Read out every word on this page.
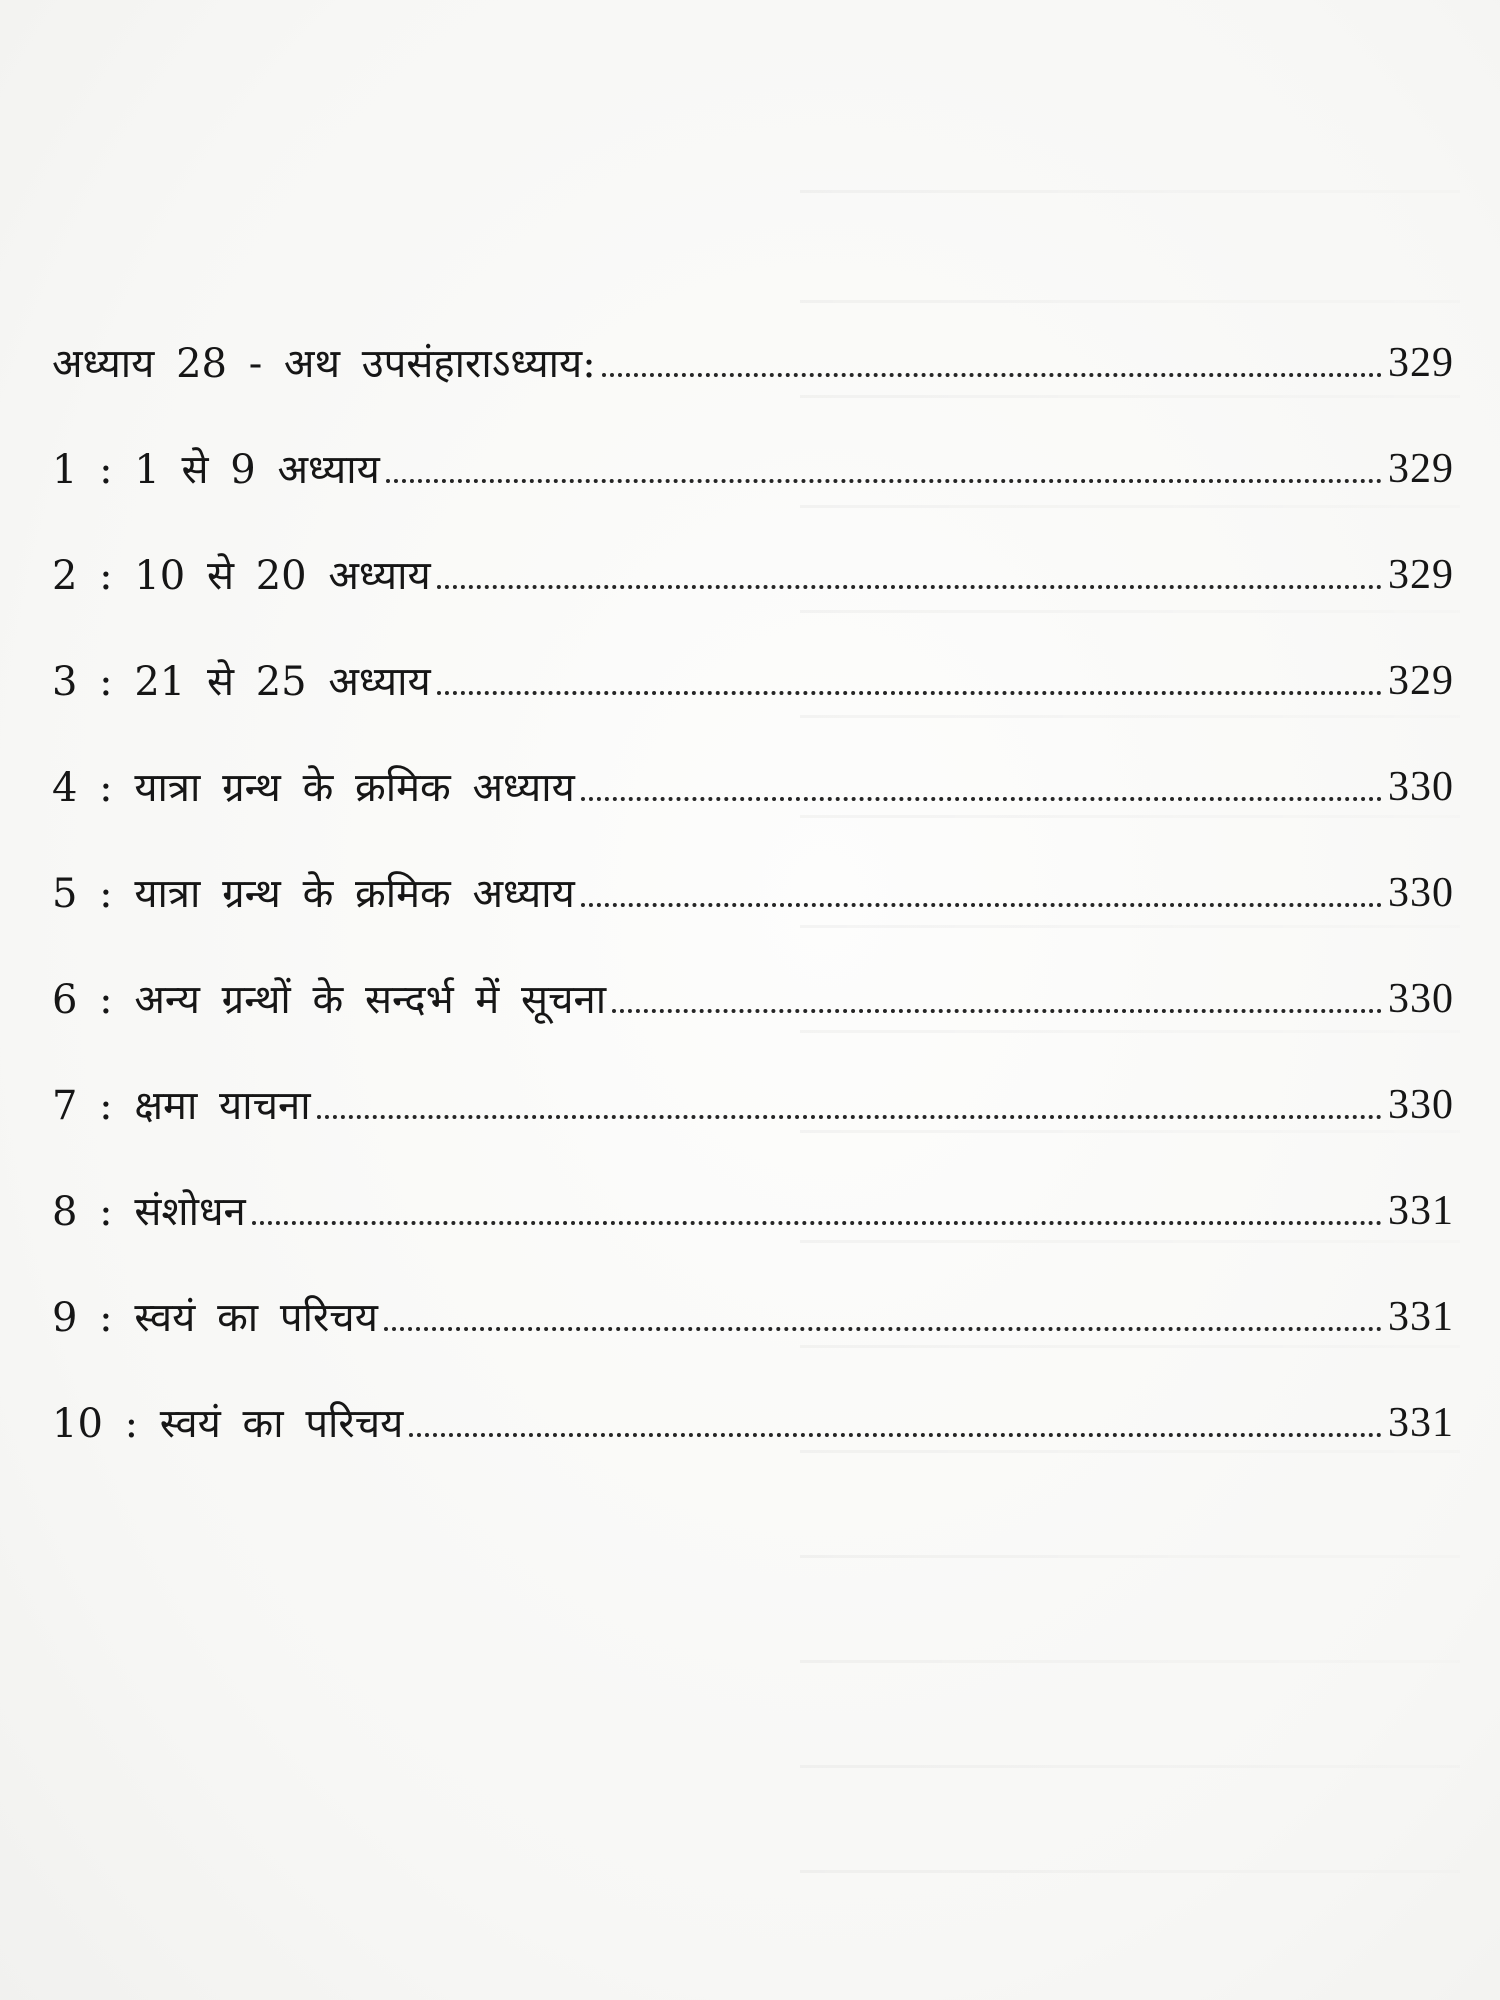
अध्याय 28 - अथ उपसंहाराऽध्याय:	329
1 : 1 से 9 अध्याय	329
2 : 10 से 20 अध्याय	329
3 : 21 से 25 अध्याय	329
4 : यात्रा ग्रन्थ के क्रमिक अध्याय	330
5 : यात्रा ग्रन्थ के क्रमिक अध्याय	330
6 : अन्य ग्रन्थों के सन्दर्भ में सूचना	330
7 : क्षमा याचना	330
8 : संशोधन	331
9 : स्वयं का परिचय	331
10 : स्वयं का परिचय	331
